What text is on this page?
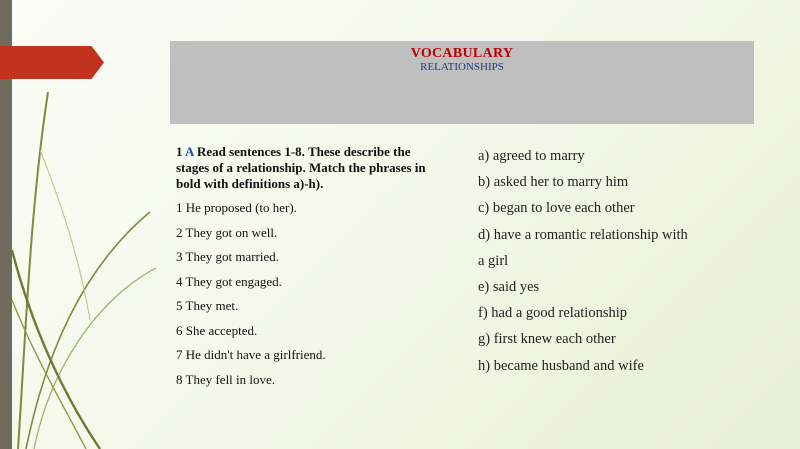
VOCABULARY
RELATIONSHIPS
1 A Read sentences 1-8. These describe the stages of a relationship. Match the phrases in bold with definitions a)-h).
1 He proposed (to her).
2 They got on well.
3 They got married.
4 They got engaged.
5 They met.
6 She accepted.
7 He didn't have a girlfriend.
8 They fell in love.
a) agreed to marry
b) asked her to marry him
c) began to love each other
d) have a romantic relationship with
a girl
e) said yes
f) had a good relationship
g) first knew each other
h) became husband and wife
